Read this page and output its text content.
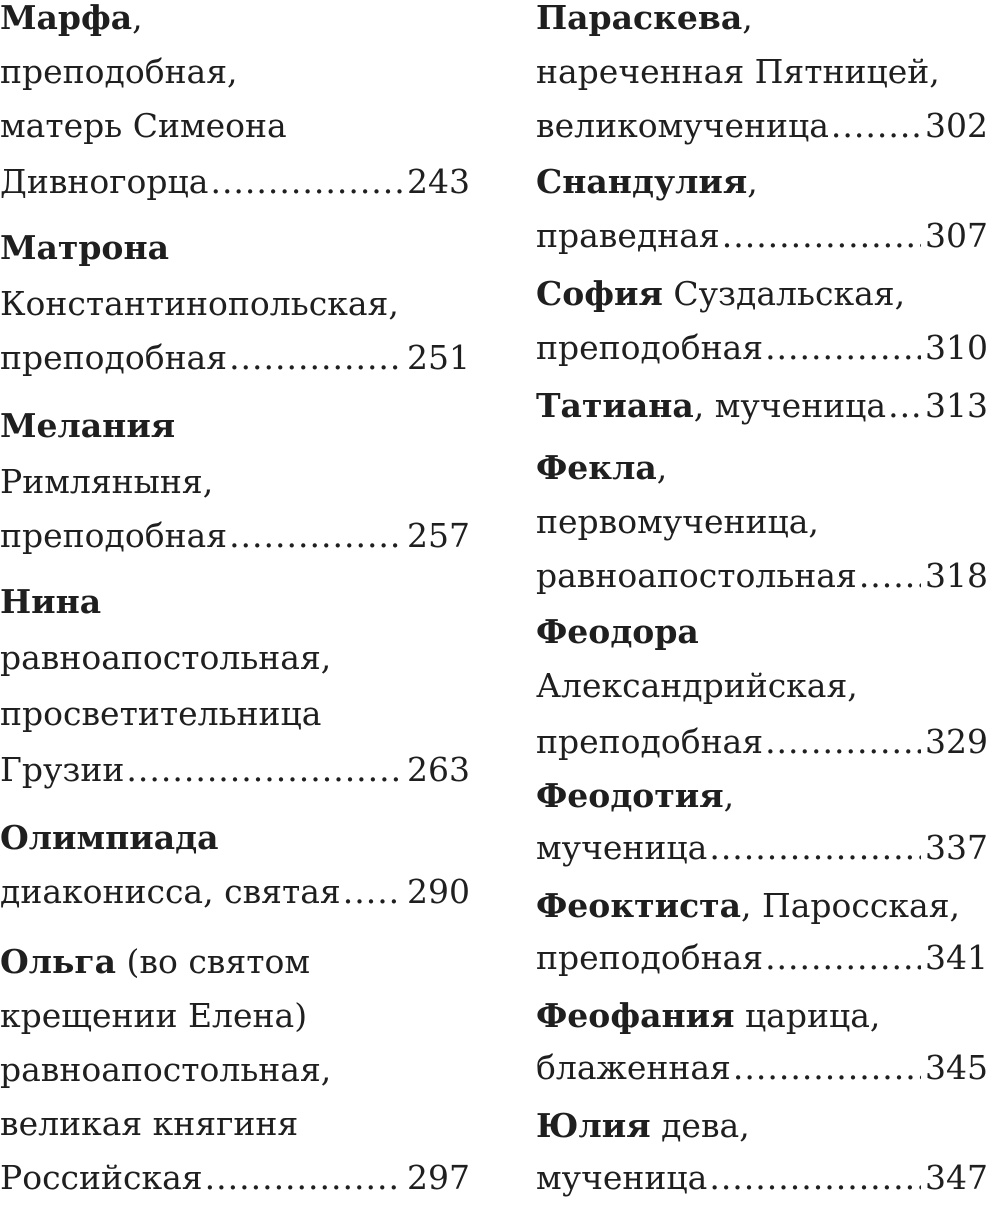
Марфа,
преподобная,
матерь Симеона
Дивногорца .....	243
Матрона
Константинопольская,
преподобная .....	251
Мелания
Римляныня,
преподобная .....	257
Нина
равноапостольная,
просветительница
Грузии .....	263
Олимпиада
диаконисса, святая ..... 290
Ольга (во святом
крещении Елена)
равноапостольная,
великая княгиня
Российская .....	297
Параскева,
нареченная Пятницей,
великомученица .....	302
Снандулия,
праведная .....	307
София Суздальская,
преподобная .....	310
Татиана, мученица ..... 313
Фекла,
первомученица,
равноапостольная ..... 318
Феодора
Александрийская,
преподобная .....	329
Феодотия,
мученица .....	337
Феоктиста, Паросская,
преподобная .....	341
Феофания царица,
блаженная .....	345
Юлия дева,
мученица .....	347
